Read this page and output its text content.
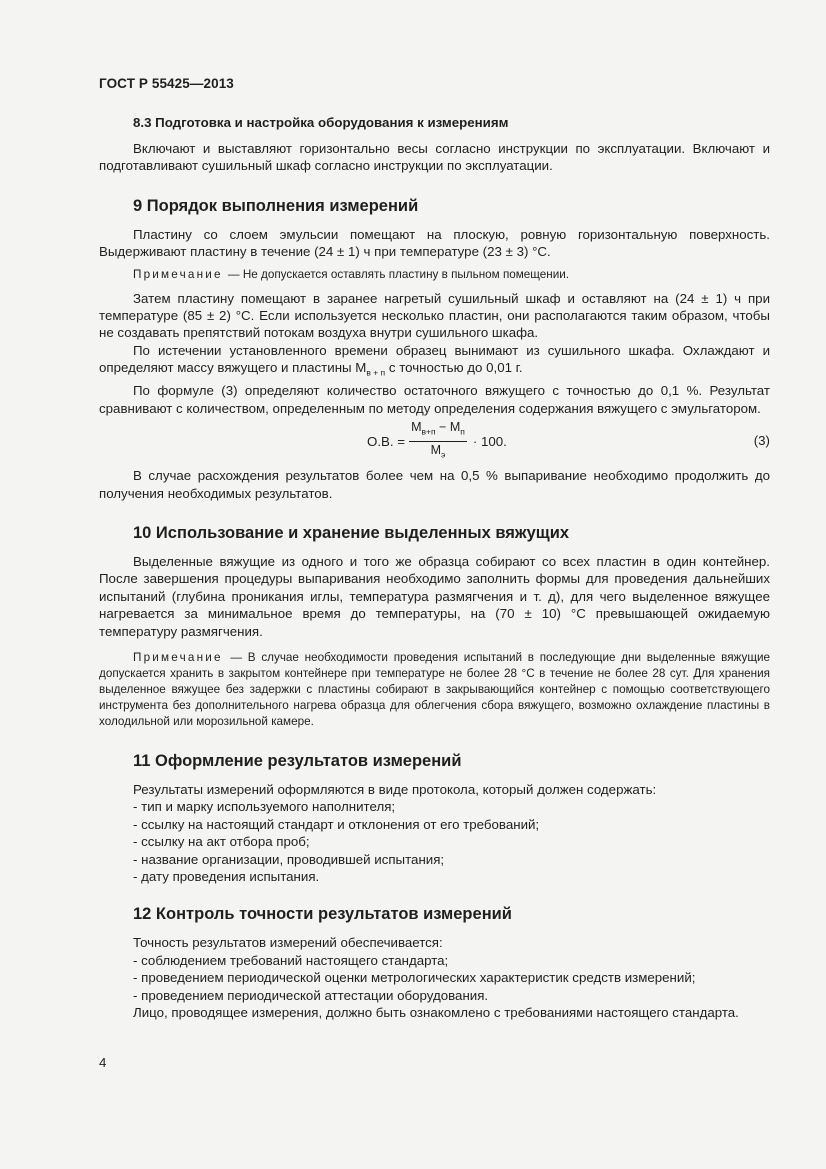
ГОСТ Р 55425—2013
8.3 Подготовка и настройка оборудования к измерениям

Включают и выставляют горизонтально весы согласно инструкции по эксплуатации. Включают и подготавливают сушильный шкаф согласно инструкции по эксплуатации.

9 Порядок выполнения измерений

Пластину со слоем эмульсии помещают на плоскую, ровную горизонтальную поверхность. Выдерживают пластину в течение (24 ± 1) ч при температуре (23 ± 3) °С.

Примечание — Не допускается оставлять пластину в пыльном помещении.

Затем пластину помещают в заранее нагретый сушильный шкаф и оставляют на (24 ± 1) ч при температуре (85 ± 2) °С. Если используется несколько пластин, они располагаются таким образом, чтобы не создавать препятствий потокам воздуха внутри сушильного шкафа.

По истечении установленного времени образец вынимают из сушильного шкафа. Охлаждают и определяют массу вяжущего и пластины $M_{в + п}$ с точностью до 0,01 г.

По формуле (3) определяют количество остаточного вяжущего с точностью до 0,1 %. Результат сравнивают с количеством, определенным по методу определения содержания вяжущего с эмульгатором.

О.В. = $\frac{M_{в+п} - M_п}{M_э} \cdot 100$.	(3)

В случае расхождения результатов более чем на 0,5 % выпаривание необходимо продолжить до получения необходимых результатов.

10 Использование и хранение выделенных вяжущих

Выделенные вяжущие из одного и того же образца собирают со всех пластин в один контейнер. После завершения процедуры выпаривания необходимо заполнить формы для проведения дальнейших испытаний (глубина проникания иглы, температура размягчения и т. д), для чего выделенное вяжущее нагревается за минимальное время до температуры, на (70 ± 10) °С превышающей ожидаемую температуру размягчения.

Примечание — В случае необходимости проведения испытаний в последующие дни выделенные вяжущие допускается хранить в закрытом контейнере при температуре не более 28 °С в течение не более 28 сут. Для хранения выделенное вяжущее без задержки с пластины собирают в закрывающийся контейнер с помощью соответствующего инструмента без дополнительного нагрева образца для облегчения сбора вяжущего, возможно охлаждение пластины в холодильной или морозильной камере.

11 Оформление результатов измерений

Результаты измерений оформляются в виде протокола, который должен содержать:

- тип и марку используемого наполнителя;
- ссылку на настоящий стандарт и отклонения от его требований;
- ссылку на акт отбора проб;
- название организации, проводившей испытания;
- дату проведения испытания.
12 Контроль точности результатов измерений

Точность результатов измерений обеспечивается:

- соблюдением требований настоящего стандарта;
- проведением периодической оценки метрологических характеристик средств измерений;
- проведением периодической аттестации оборудования.

Лицо, проводящее измерения, должно быть ознакомлено с требованиями настоящего стандарта.

4
